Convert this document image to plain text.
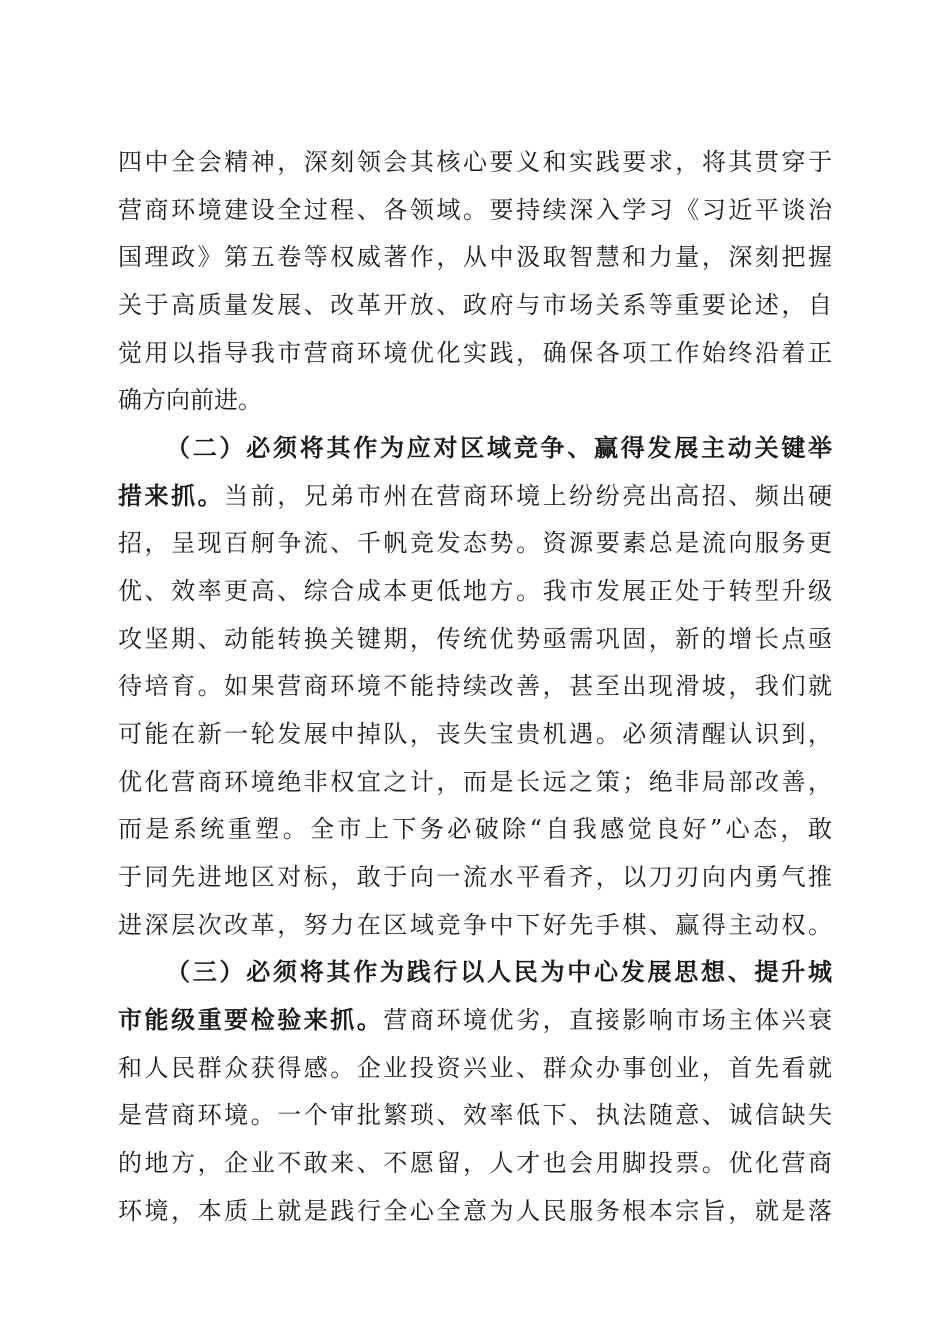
四中全会精神，深刻领会其核心要义和实践要求，将其贯穿于
营商环境建设全过程、各领域。要持续深入学习《习近平谈治
国理政》第五卷等权威著作，从中汲取智慧和力量，深刻把握
关于高质量发展、改革开放、政府与市场关系等重要论述，自
觉用以指导我市营商环境优化实践，确保各项工作始终沿着正
确方向前进。
（二）必须将其作为应对区域竞争、赢得发展主动关键举
措来抓。当前，兄弟市州在营商环境上纷纷亮出高招、频出硬
招，呈现百舸争流、千帆竞发态势。资源要素总是流向服务更
优、效率更高、综合成本更低地方。我市发展正处于转型升级
攻坚期、动能转换关键期，传统优势亟需巩固，新的增长点亟
待培育。如果营商环境不能持续改善，甚至出现滑坡，我们就
可能在新一轮发展中掉队，丧失宝贵机遇。必须清醒认识到，
优化营商环境绝非权宜之计，而是长远之策；绝非局部改善，
而是系统重塑。全市上下务必破除“自我感觉良好”心态，敢
于同先进地区对标，敢于向一流水平看齐，以刀刃向内勇气推
进深层次改革，努力在区域竞争中下好先手棋、赢得主动权。
（三）必须将其作为践行以人民为中心发展思想、提升城
市能级重要检验来抓。营商环境优劣，直接影响市场主体兴衰
和人民群众获得感。企业投资兴业、群众办事创业，首先看就
是营商环境。一个审批繁琐、效率低下、执法随意、诚信缺失
的地方，企业不敢来、不愿留，人才也会用脚投票。优化营商
环境，本质上就是践行全心全意为人民服务根本宗旨，就是落
